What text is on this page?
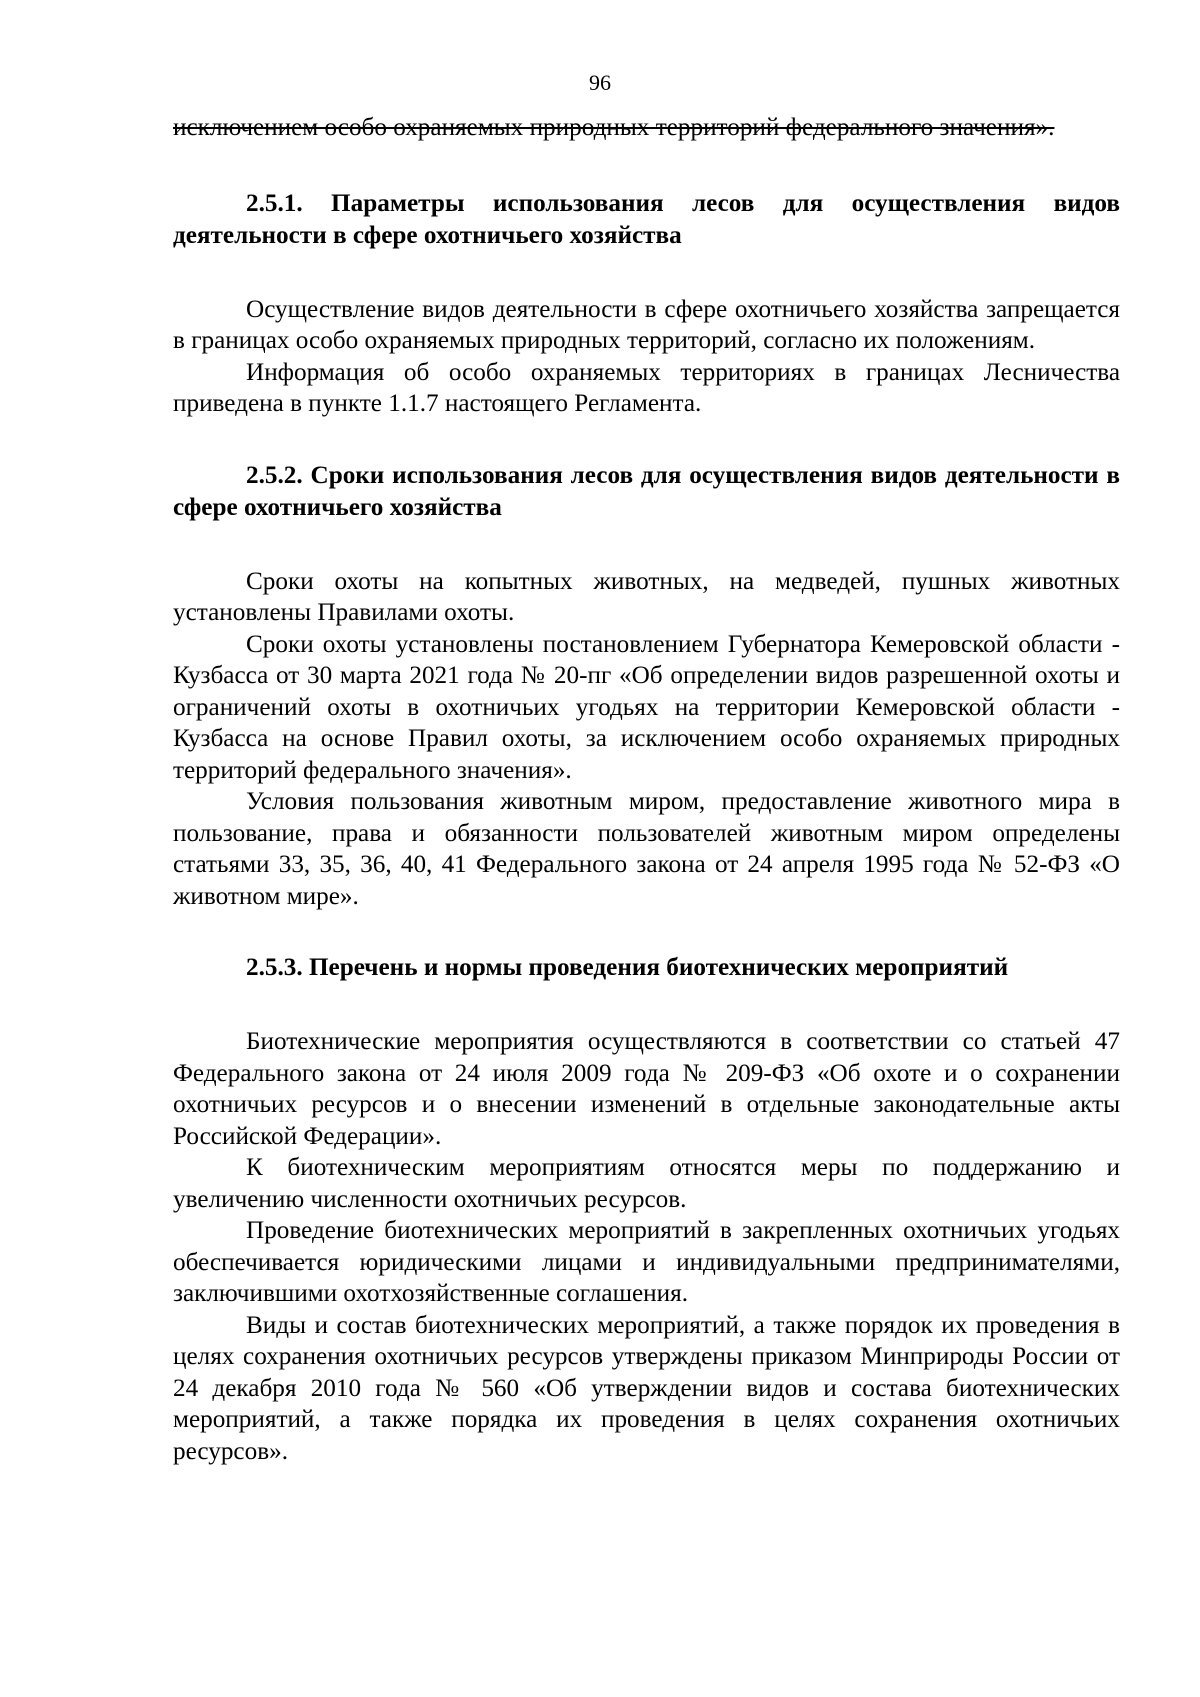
96

исключением особо охраняемых природных территорий федерального значения».

2.5.1. Параметры использования лесов для осуществления видов деятельности в сфере охотничьего хозяйства

Осуществление видов деятельности в сфере охотничьего хозяйства запрещается в границах особо охраняемых природных территорий, согласно их положениям.

Информация об особо охраняемых территориях в границах Лесничества приведена в пункте 1.1.7 настоящего Регламента.

2.5.2. Сроки использования лесов для осуществления видов деятельности в сфере охотничьего хозяйства

Сроки охоты на копытных животных, на медведей, пушных животных установлены Правилами охоты.

Сроки охоты установлены постановлением Губернатора Кемеровской области - Кузбасса от 30 марта 2021 года № 20-пг «Об определении видов разрешенной охоты и ограничений охоты в охотничьих угодьях на территории Кемеровской области - Кузбасса на основе Правил охоты, за исключением особо охраняемых природных территорий федерального значения».

Условия пользования животным миром, предоставление животного мира в пользование, права и обязанности пользователей животным миром определены статьями 33, 35, 36, 40, 41 Федерального закона от 24 апреля 1995 года № 52-ФЗ «О животном мире».

2.5.3. Перечень и нормы проведения биотехнических мероприятий

Биотехнические мероприятия осуществляются в соответствии со статьей 47 Федерального закона от 24 июля 2009 года № 209-ФЗ «Об охоте и о сохранении охотничьих ресурсов и о внесении изменений в отдельные законодательные акты Российской Федерации».

К биотехническим мероприятиям относятся меры по поддержанию и увеличению численности охотничьих ресурсов.

Проведение биотехнических мероприятий в закрепленных охотничьих угодьях обеспечивается юридическими лицами и индивидуальными предпринимателями, заключившими охотхозяйственные соглашения.

Виды и состав биотехнических мероприятий, а также порядок их проведения в целях сохранения охотничьих ресурсов утверждены приказом Минприроды России от 24 декабря 2010 года № 560 «Об утверждении видов и состава биотехнических мероприятий, а также порядка их проведения в целях сохранения охотничьих ресурсов».
